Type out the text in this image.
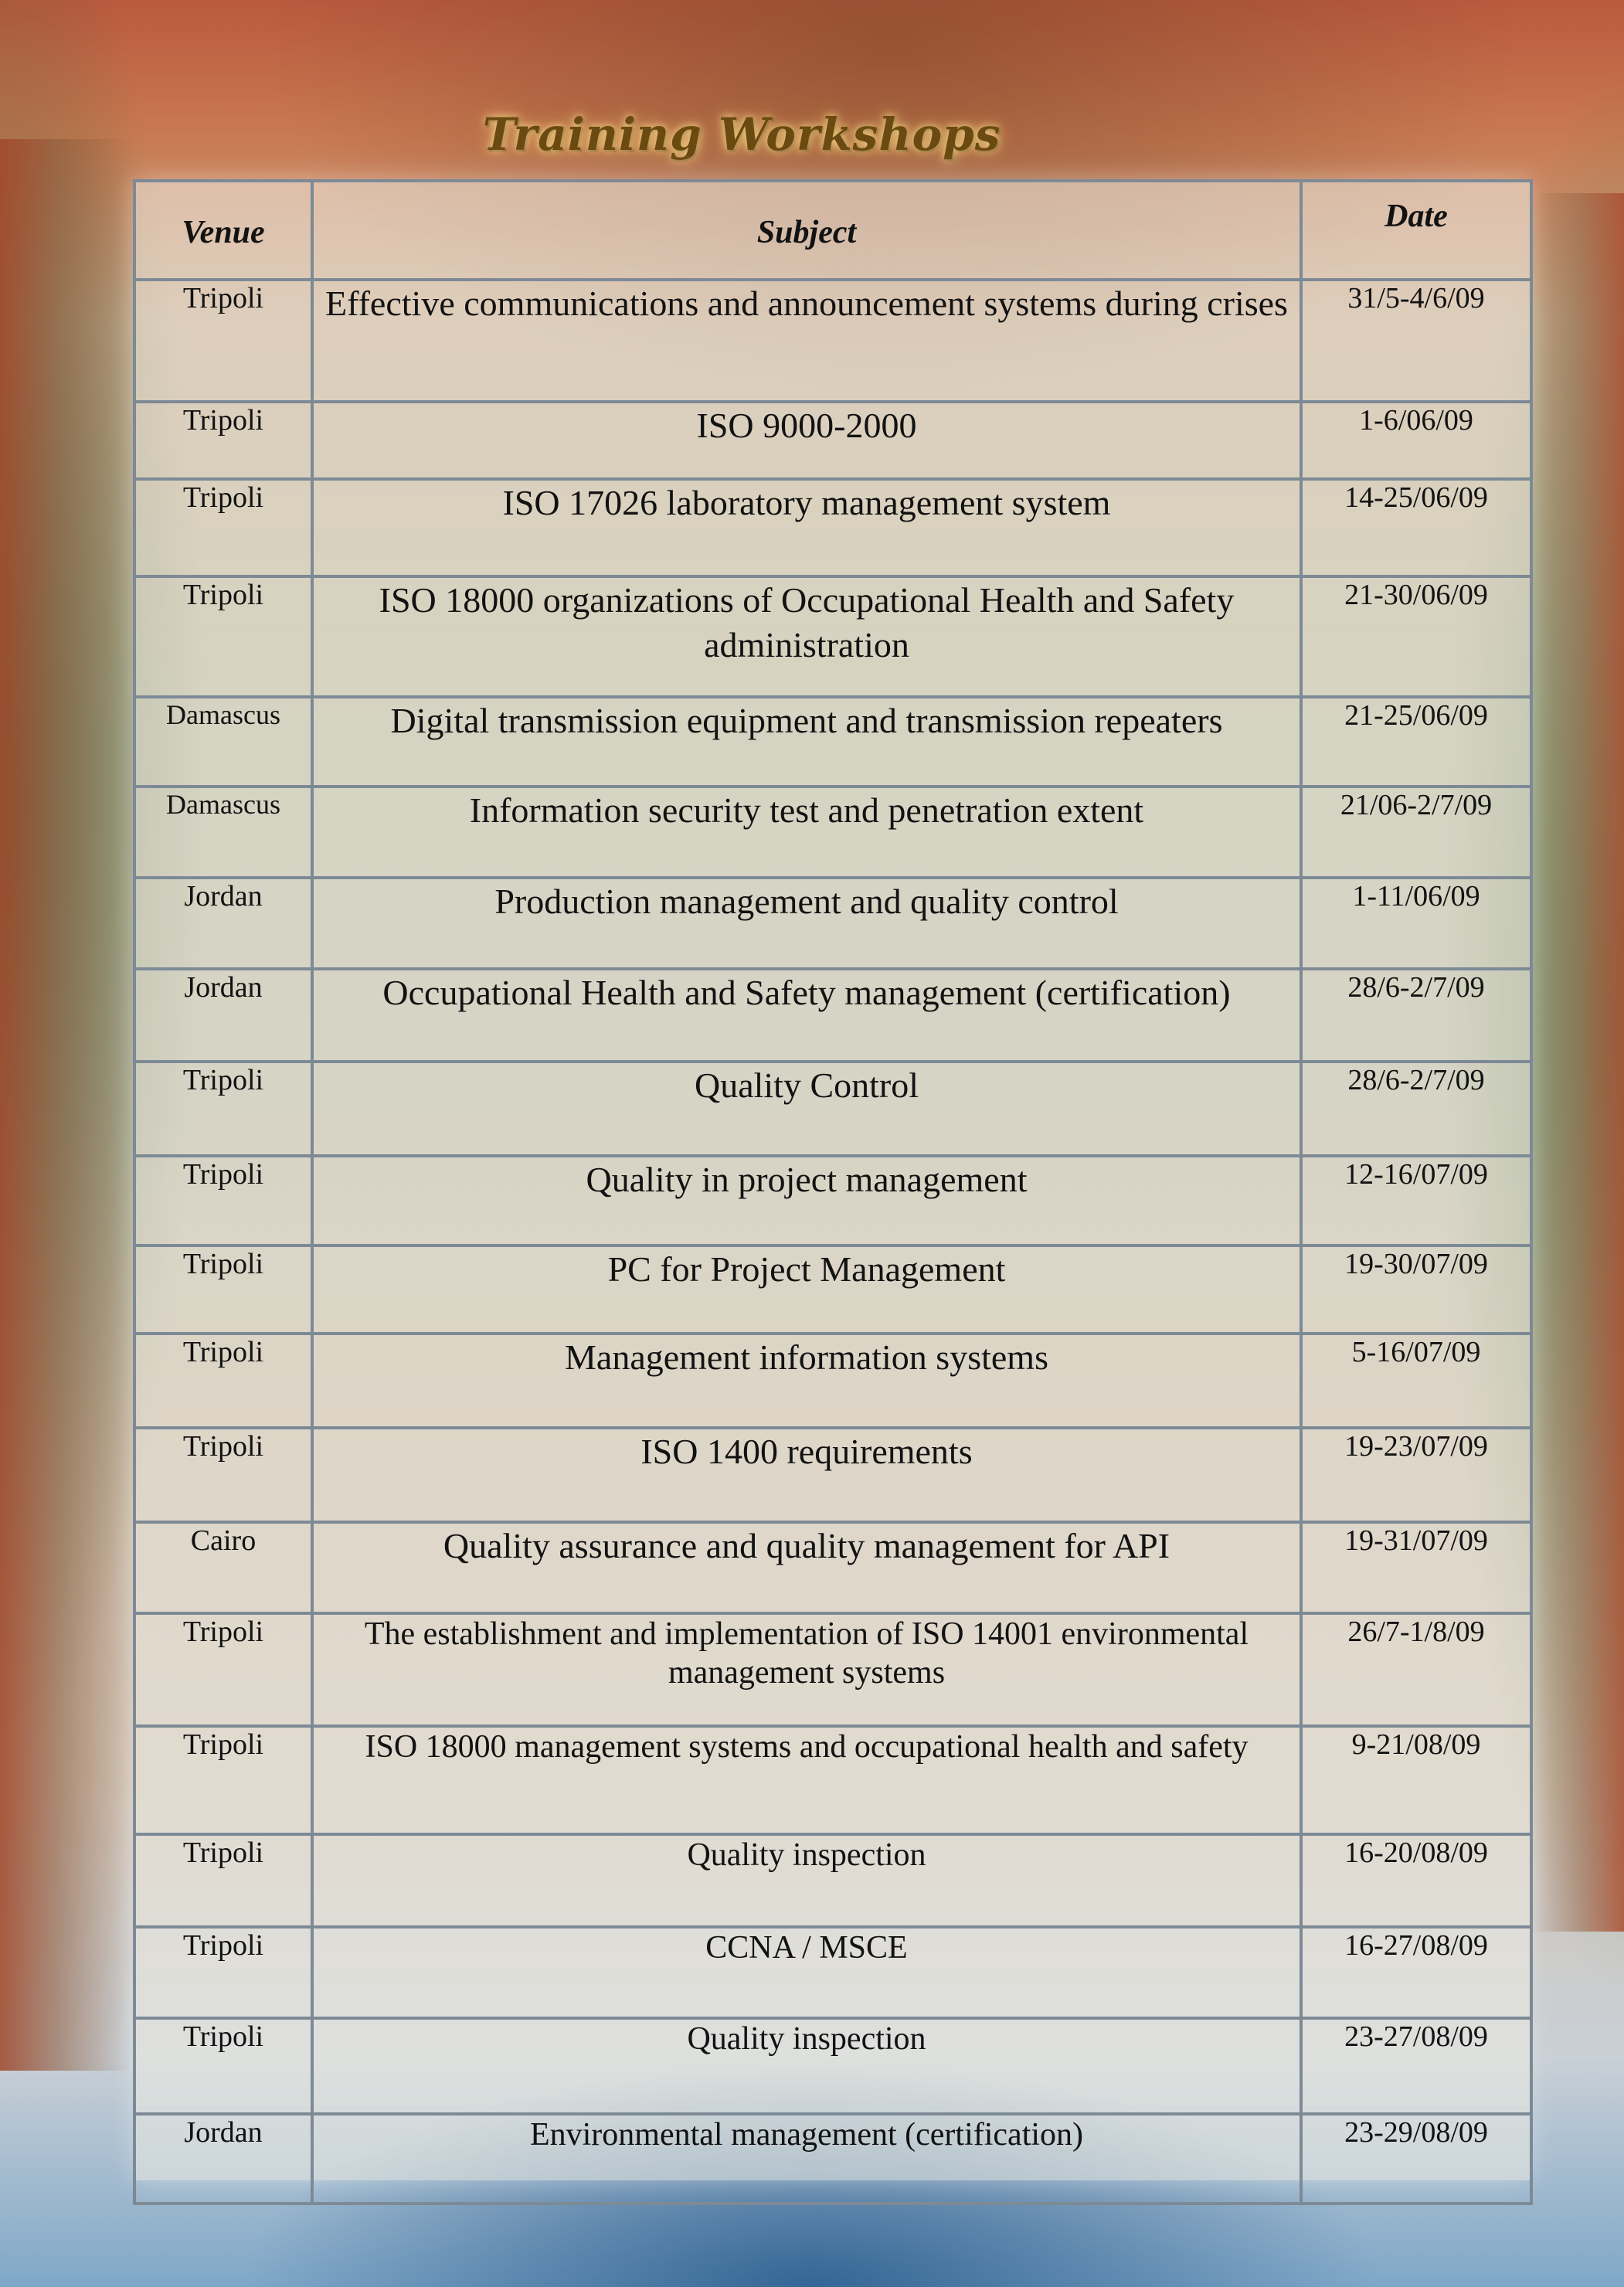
Training Workshops
Venue	Subject	Date
Tripoli	Effective communications and announcement systems during crises	31/5-4/6/09
Tripoli	ISO 9000-2000	1-6/06/09
Tripoli	ISO 17026 laboratory management system	14-25/06/09
Tripoli	ISO 18000 organizations of Occupational Health and Safety administration	21-30/06/09
Damascus	Digital transmission equipment and transmission repeaters	21-25/06/09
Damascus	Information security test and penetration extent	21/06-2/7/09
Jordan	Production management and quality control	1-11/06/09
Jordan	Occupational Health and Safety management (certification)	28/6-2/7/09
Tripoli	Quality Control	28/6-2/7/09
Tripoli	Quality in project management	12-16/07/09
Tripoli	PC for Project Management	19-30/07/09
Tripoli	Management information systems	5-16/07/09
Tripoli	ISO 1400 requirements	19-23/07/09
Cairo	Quality assurance and quality management for API	19-31/07/09
Tripoli	The establishment and implementation of ISO 14001 environmental management systems	26/7-1/8/09
Tripoli	ISO 18000 management systems and occupational health and safety	9-21/08/09
Tripoli	Quality inspection	16-20/08/09
Tripoli	CCNA / MSCE	16-27/08/09
Tripoli	Quality inspection	23-27/08/09
Jordan	Environmental management (certification)	23-29/08/09
